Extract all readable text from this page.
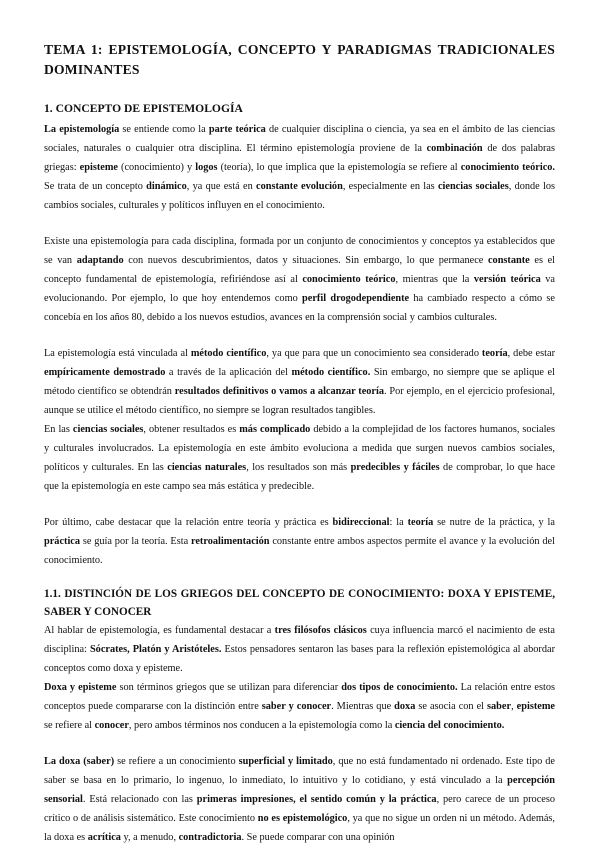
TEMA 1: EPISTEMOLOGÍA, CONCEPTO Y PARADIGMAS TRADICIONALES DOMINANTES
1. CONCEPTO DE EPISTEMOLOGÍA

La epistemología se entiende como la parte teórica de cualquier disciplina o ciencia, ya sea en el ámbito de las ciencias sociales, naturales o cualquier otra disciplina. El término epistemología proviene de la combinación de dos palabras griegas: episteme (conocimiento) y logos (teoría), lo que implica que la epistemología se refiere al conocimiento teórico. Se trata de un concepto dinámico, ya que está en constante evolución, especialmente en las ciencias sociales, donde los cambios sociales, culturales y políticos influyen en el conocimiento.

Existe una epistemología para cada disciplina, formada por un conjunto de conocimientos y conceptos ya establecidos que se van adaptando con nuevos descubrimientos, datos y situaciones. Sin embargo, lo que permanece constante es el concepto fundamental de epistemología, refiriéndose así al conocimiento teórico, mientras que la versión teórica va evolucionando. Por ejemplo, lo que hoy entendemos como perfil drogodependiente ha cambiado respecto a cómo se concebía en los años 80, debido a los nuevos estudios, avances en la comprensión social y cambios culturales.

La epistemología está vinculada al método científico, ya que para que un conocimiento sea considerado teoría, debe estar empíricamente demostrado a través de la aplicación del método científico. Sin embargo, no siempre que se aplique el método científico se obtendrán resultados definitivos o vamos a alcanzar teoría. Por ejemplo, en el ejercicio profesional, aunque se utilice el método científico, no siempre se logran resultados tangibles.

En las ciencias sociales, obtener resultados es más complicado debido a la complejidad de los factores humanos, sociales y culturales involucrados. La epistemología en este ámbito evoluciona a medida que surgen nuevos cambios sociales, políticos y culturales. En las ciencias naturales, los resultados son más predecibles y fáciles de comprobar, lo que hace que la epistemología en este campo sea más estática y predecible.

Por último, cabe destacar que la relación entre teoría y práctica es bidireccional: la teoría se nutre de la práctica, y la práctica se guía por la teoría. Esta retroalimentación constante entre ambos aspectos permite el avance y la evolución del conocimiento.

1.1. DISTINCIÓN DE LOS GRIEGOS DEL CONCEPTO DE CONOCIMIENTO: DOXA Y EPISTEME, SABER Y CONOCER

Al hablar de epistemología, es fundamental destacar a tres filósofos clásicos cuya influencia marcó el nacimiento de esta disciplina: Sócrates, Platón y Aristóteles. Estos pensadores sentaron las bases para la reflexión epistemológica al abordar conceptos como doxa y episteme.

Doxa y episteme son términos griegos que se utilizan para diferenciar dos tipos de conocimiento. La relación entre estos conceptos puede compararse con la distinción entre saber y conocer. Mientras que doxa se asocia con el saber, episteme se refiere al conocer, pero ambos términos nos conducen a la epistemología como la ciencia del conocimiento.

La doxa (saber) se refiere a un conocimiento superficial y limitado, que no está fundamentado ni ordenado. Este tipo de saber se basa en lo primario, lo ingenuo, lo inmediato, lo intuitivo y lo cotidiano, y está vinculado a la percepción sensorial. Está relacionado con las primeras impresiones, el sentido común y la práctica, pero carece de un proceso crítico o de análisis sistemático. Este conocimiento no es epistemológico, ya que no sigue un orden ni un método. Además, la doxa es acrítica y, a menudo, contradictoria. Se puede comparar con una opinión
